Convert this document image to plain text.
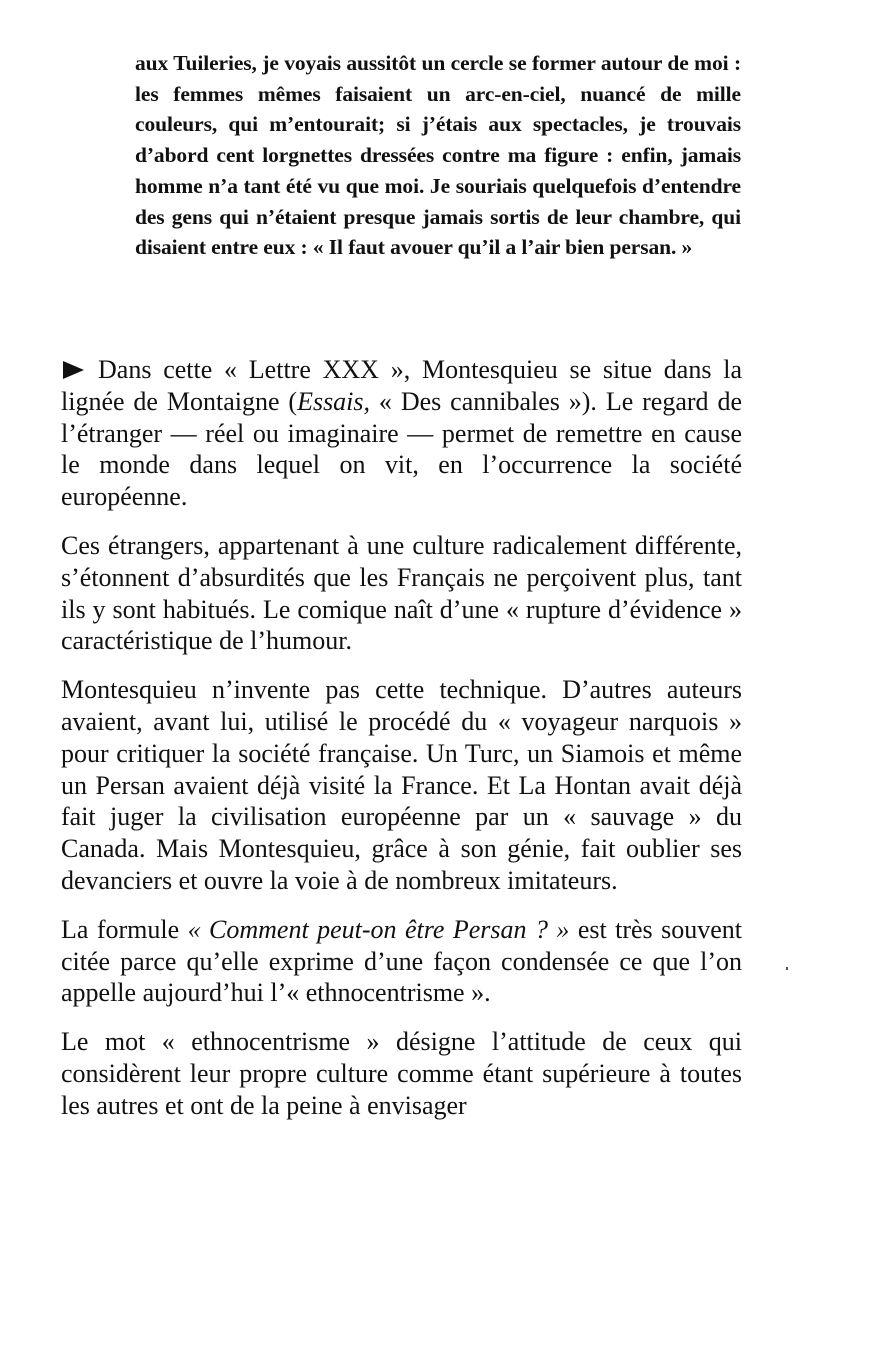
aux Tuileries, je voyais aussitôt un cercle se former autour de moi : les femmes mêmes faisaient un arc-en-ciel, nuancé de mille couleurs, qui m’entourait; si j’étais aux spectacles, je trouvais d’abord cent lorgnettes dressées contre ma figure : enfin, jamais homme n’a tant été vu que moi. Je souriais quelquefois d’entendre des gens qui n’étaient presque jamais sortis de leur chambre, qui disaient entre eux : « Il faut avouer qu’il a l’air bien persan. »

Dans cette « Lettre XXX », Montesquieu se situe dans la lignée de Montaigne (Essais, « Des cannibales »). Le regard de l’étranger — réel ou imaginaire — permet de remettre en cause le monde dans lequel on vit, en l’occurrence la société européenne.

Ces étrangers, appartenant à une culture radicalement différente, s’étonnent d’absurdités que les Français ne perçoivent plus, tant ils y sont habitués. Le comique naît d’une « rupture d’évidence » caractéristique de l’humour.

Montesquieu n’invente pas cette technique. D’autres auteurs avaient, avant lui, utilisé le procédé du « voyageur narquois » pour critiquer la société française. Un Turc, un Siamois et même un Persan avaient déjà visité la France. Et La Hontan avait déjà fait juger la civilisation européenne par un « sauvage » du Canada. Mais Montesquieu, grâce à son génie, fait oublier ses devanciers et ouvre la voie à de nombreux imitateurs.

La formule « Comment peut-on être Persan ? » est très souvent citée parce qu’elle exprime d’une façon condensée ce que l’on appelle aujourd’hui l’« ethnocentrisme ».

Le mot « ethnocentrisme » désigne l’attitude de ceux qui considèrent leur propre culture comme étant supérieure à toutes les autres et ont de la peine à envisager
